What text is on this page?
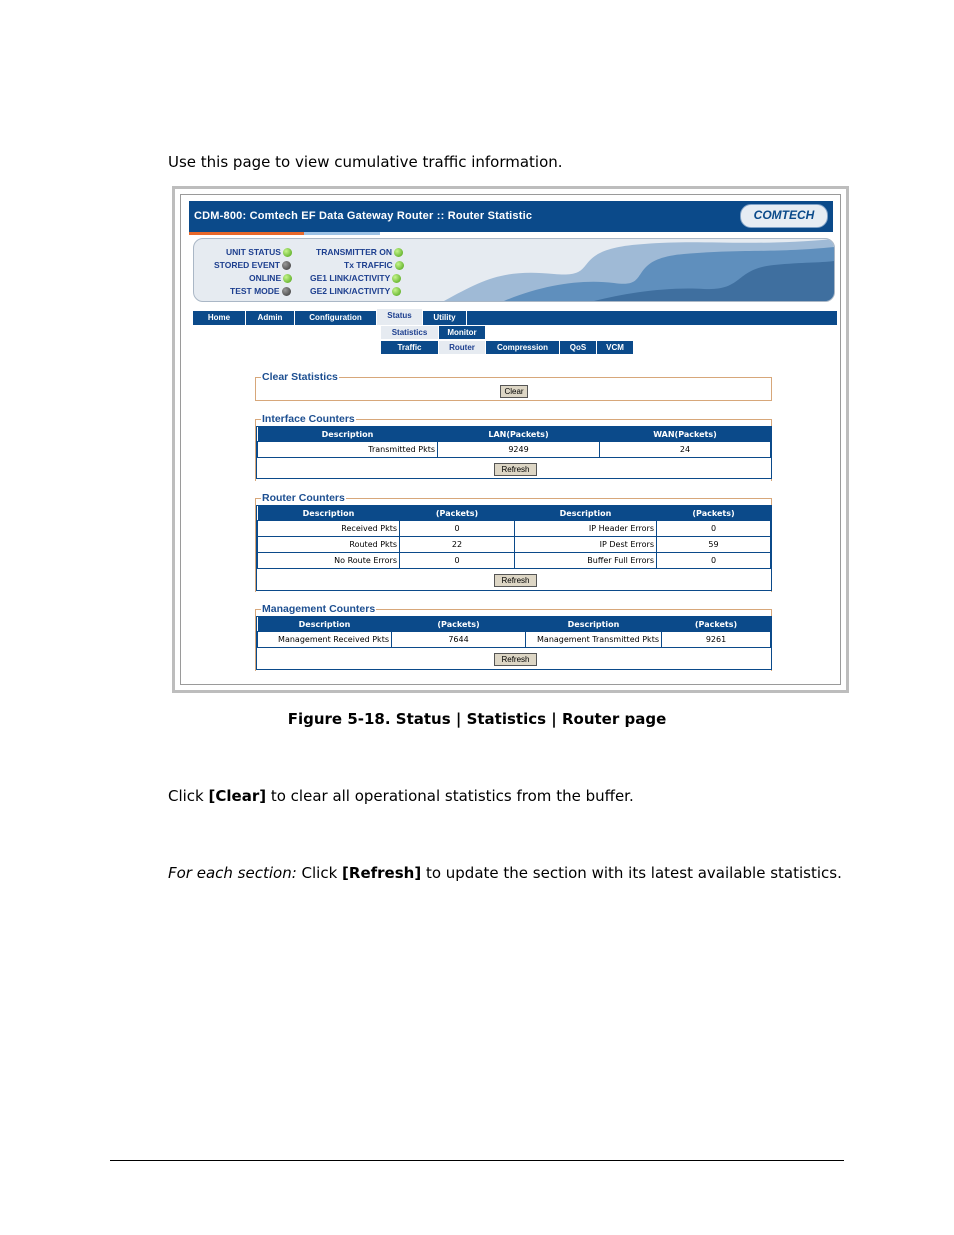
Use this page to view cumulative traffic information.

CDM-800: Comtech EF Data Gateway Router :: Router Statistic	COMTECH
UNIT STATUS
STORED EVENT
ONLINE
TEST MODE
TRANSMITTER ON
Tx TRAFFIC
GE1 LINK/ACTIVITY
GE2 LINK/ACTIVITY
Home	Admin	Configuration	Status	Utility
Statistics	Monitor
Traffic	Router	Compression	QoS	VCM
Clear Statistics
Clear
Interface Counters
Description	LAN(Packets)	WAN(Packets)
Transmitted Pkts	9249	24
Refresh
Router Counters
Description	(Packets)	Description	(Packets)
Received Pkts	0	IP Header Errors	0
Routed Pkts	22	IP Dest Errors	59
No Route Errors	0	Buffer Full Errors	0
Refresh
Management Counters
Description	(Packets)	Description	(Packets)
Management Received Pkts	7644	Management Transmitted Pkts	9261
Refresh
Figure 5-18. Status | Statistics | Router page

Click [Clear] to clear all operational statistics from the buffer.

For each section: Click [Refresh] to update the section with its latest available statistics.
